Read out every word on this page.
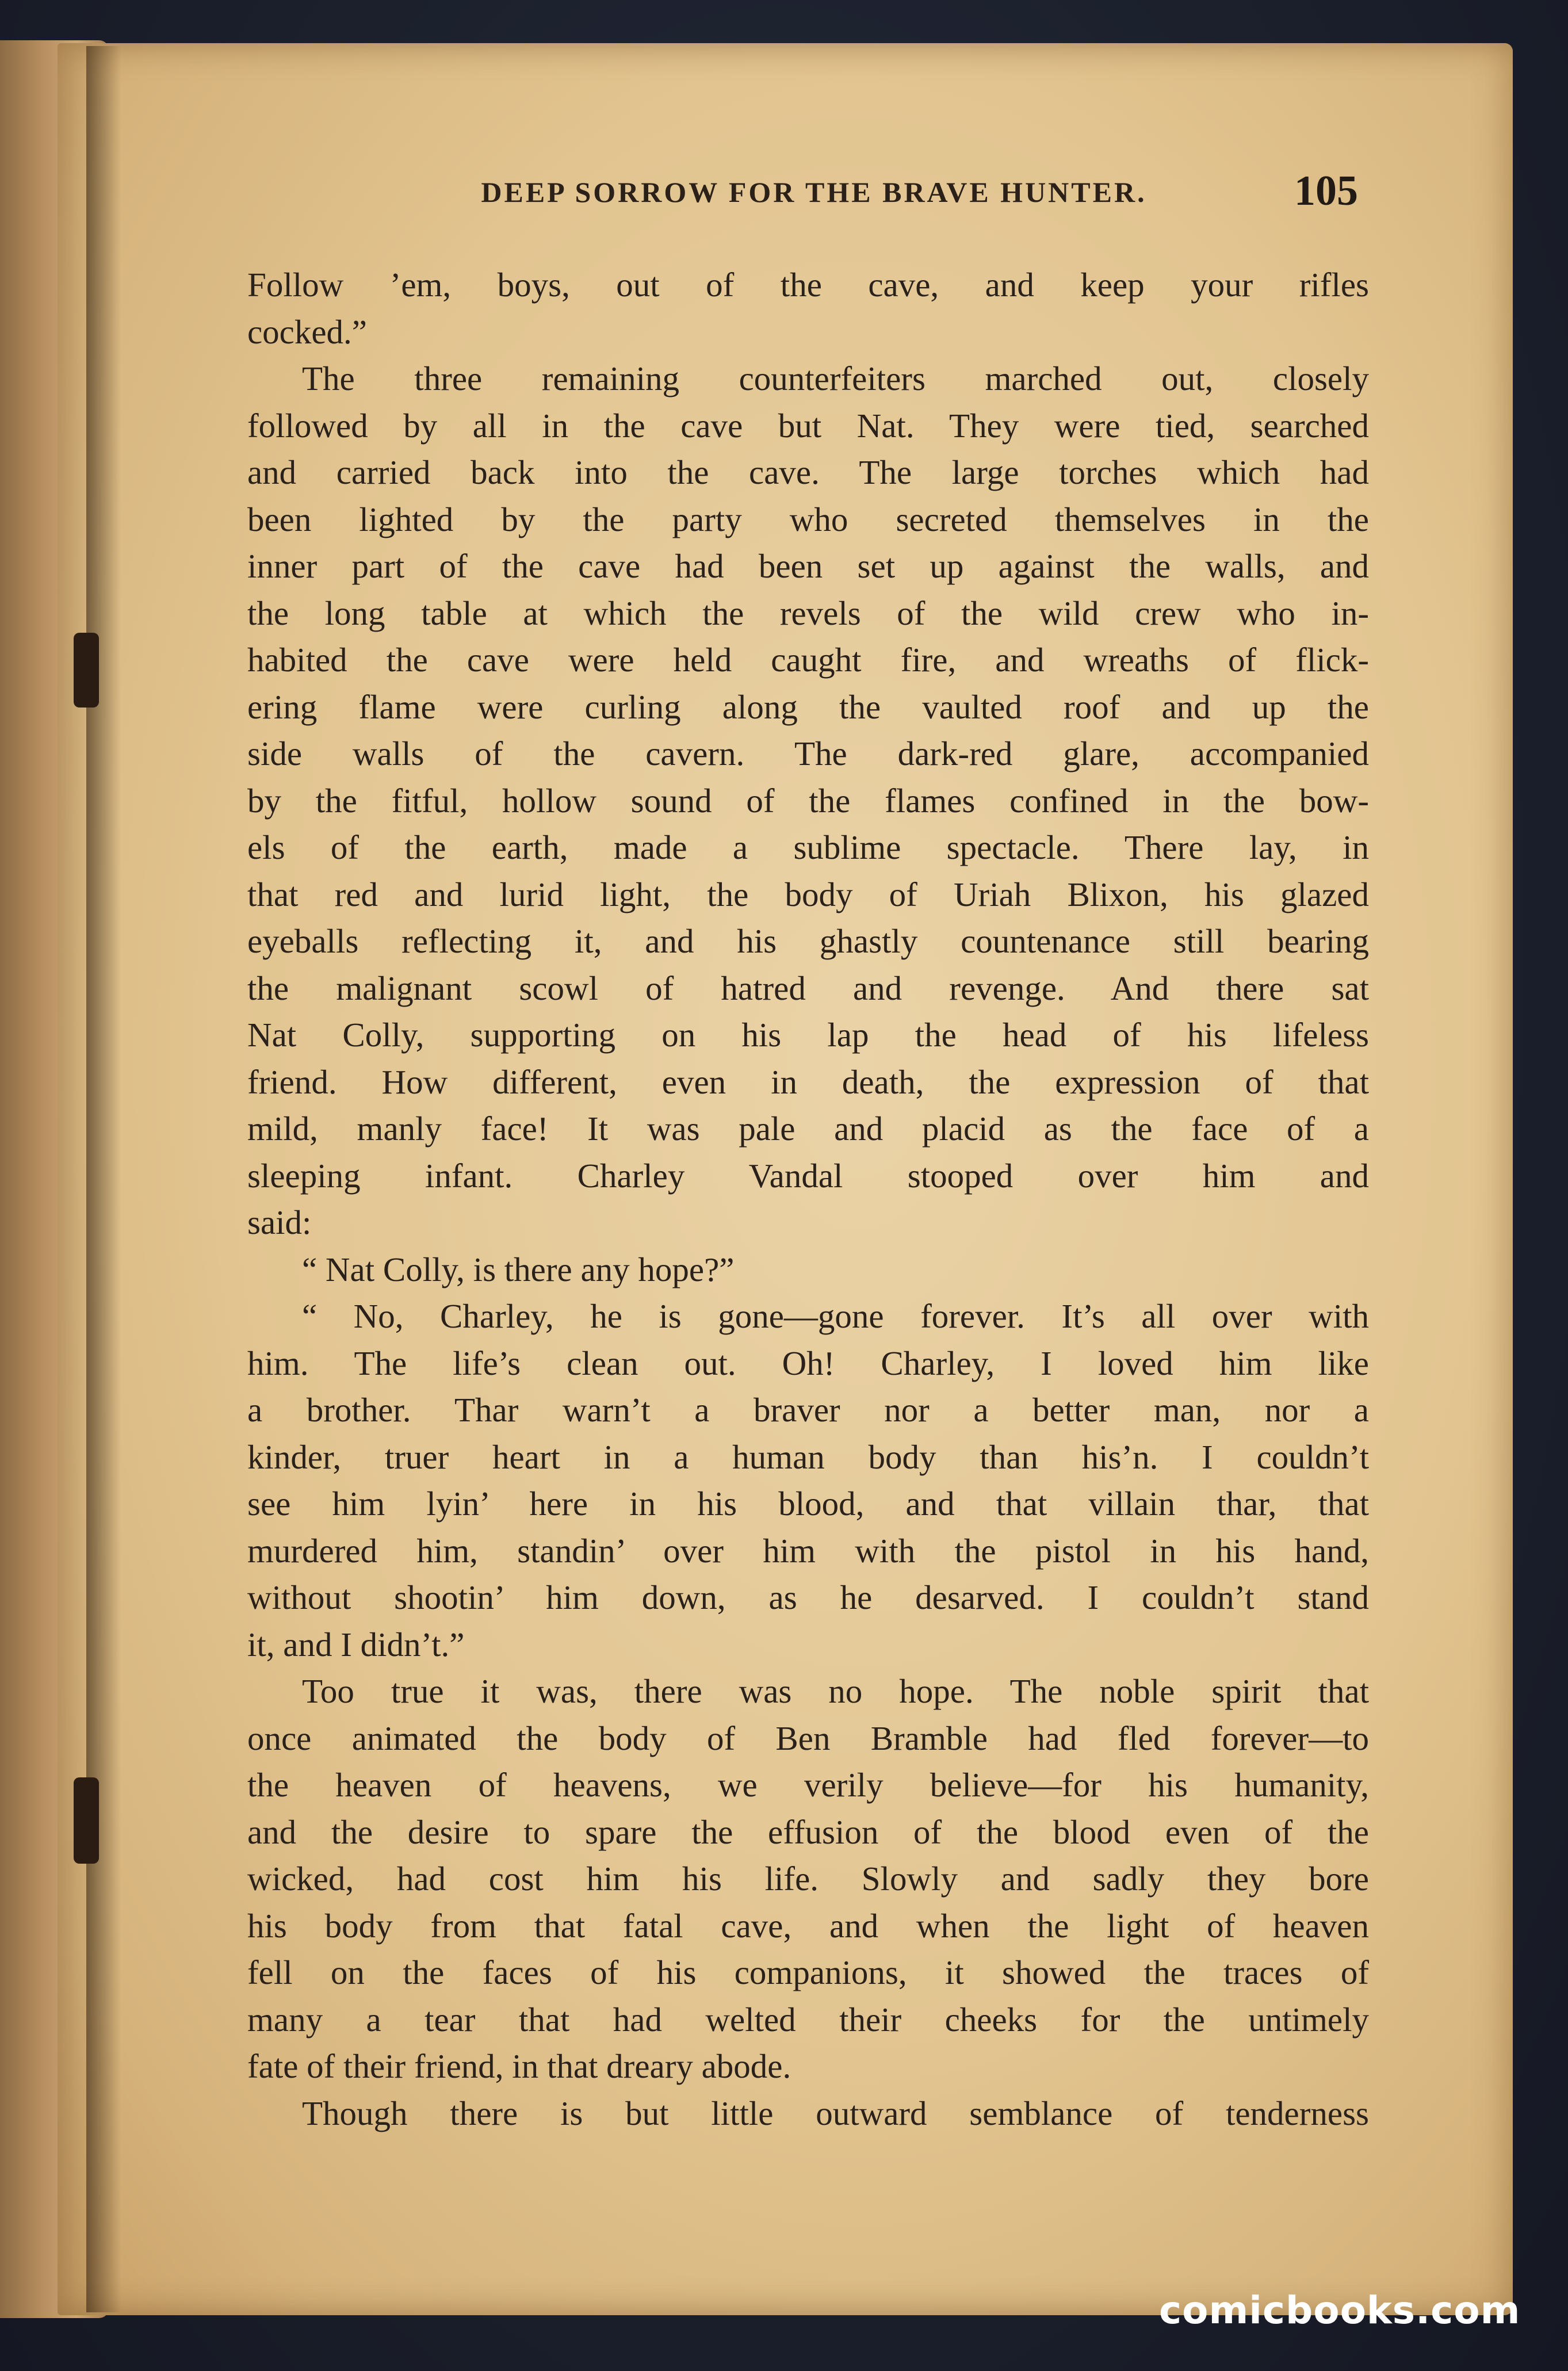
DEEP SORROW FOR THE BRAVE HUNTER.	105
Follow ’em, boys, out of the cave, and keep your rifles
cocked.”
The three remaining counterfeiters marched out, closely
followed by all in the cave but Nat. They were tied, searched
and carried back into the cave. The large torches which had
been lighted by the party who secreted themselves in the
inner part of the cave had been set up against the walls, and
the long table at which the revels of the wild crew who in-
habited the cave were held caught fire, and wreaths of flick-
ering flame were curling along the vaulted roof and up the
side walls of the cavern. The dark-red glare, accompanied
by the fitful, hollow sound of the flames confined in the bow-
els of the earth, made a sublime spectacle. There lay, in
that red and lurid light, the body of Uriah Blixon, his glazed
eyeballs reflecting it, and his ghastly countenance still bearing
the malignant scowl of hatred and revenge. And there sat
Nat Colly, supporting on his lap the head of his lifeless
friend. How different, even in death, the expression of that
mild, manly face! It was pale and placid as the face of a
sleeping infant. Charley Vandal stooped over him and
said:
“ Nat Colly, is there any hope?”
“ No, Charley, he is gone—gone forever. It’s all over with
him. The life’s clean out. Oh! Charley, I loved him like
a brother. Thar warn’t a braver nor a better man, nor a
kinder, truer heart in a human body than his’n. I couldn’t
see him lyin’ here in his blood, and that villain thar, that
murdered him, standin’ over him with the pistol in his hand,
without shootin’ him down, as he desarved. I couldn’t stand
it, and I didn’t.”
Too true it was, there was no hope. The noble spirit that
once animated the body of Ben Bramble had fled forever—to
the heaven of heavens, we verily believe—for his humanity,
and the desire to spare the effusion of the blood even of the
wicked, had cost him his life. Slowly and sadly they bore
his body from that fatal cave, and when the light of heaven
fell on the faces of his companions, it showed the traces of
many a tear that had welted their cheeks for the untimely
fate of their friend, in that dreary abode.
Though there is but little outward semblance of tenderness
comicbooks.com
